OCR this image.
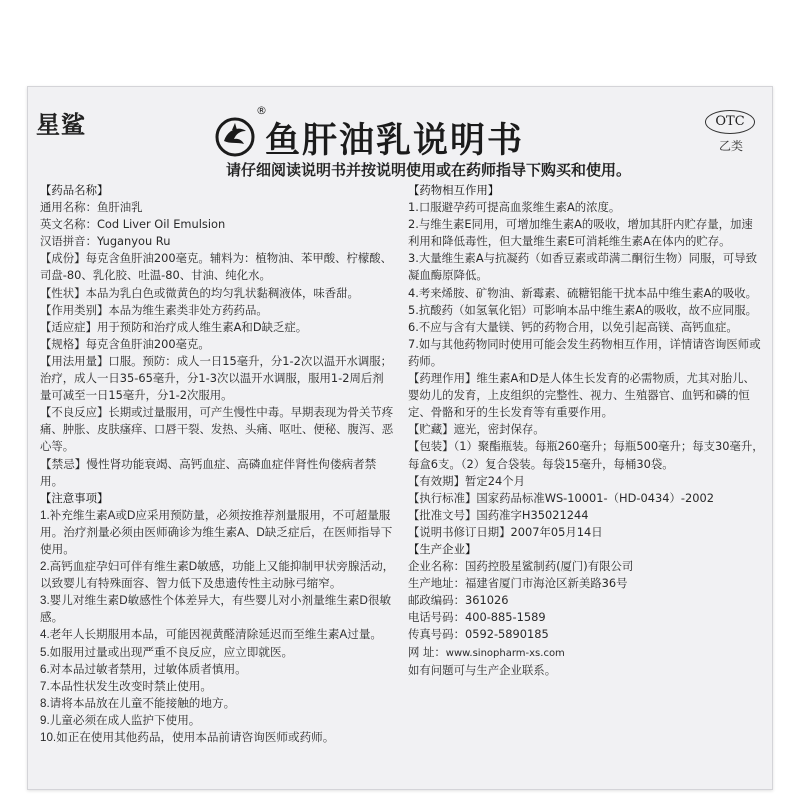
星鲨
®
鱼肝油乳说明书	OTC
乙类
请仔细阅读说明书并按说明使用或在药师指导下购买和使用。

【药品名称】

通用名称：鱼肝油乳

英文名称：Cod Liver Oil Emulsion

汉语拼音：Yuganyou Ru

【成份】每克含鱼肝油200毫克。辅料为：植物油、苯甲酸、柠檬酸、司盘-80、乳化胶、吐温-80、甘油、纯化水。

【性状】本品为乳白色或微黄色的均匀乳状黏稠液体，味香甜。

【作用类别】本品为维生素类非处方药药品。

【适应症】用于预防和治疗成人维生素A和D缺乏症。

【规格】每克含鱼肝油200毫克。

【用法用量】口服。预防：成人一日15毫升，分1-2次以温开水调服；治疗，成人一日35-65毫升，分1-3次以温开水调服，服用1-2周后剂量可减至一日15毫升，分1-2次服用。

【不良反应】长期或过量服用，可产生慢性中毒。早期表现为骨关节疼痛、肿胀、皮肤瘙痒、口唇干裂、发热、头痛、呕吐、便秘、腹泻、恶心等。

【禁忌】慢性肾功能衰竭、高钙血症、高磷血症伴肾性佝偻病者禁用。

【注意事项】

1.补充维生素A或D应采用预防量，必须按推荐剂量服用，不可超量服用。治疗剂量必须由医师确诊为维生素A、D缺乏症后，在医师指导下使用。

2.高钙血症孕妇可伴有维生素D敏感，功能上又能抑制甲状旁腺活动，以致婴儿有特殊面容、智力低下及患遗传性主动脉弓缩窄。

3.婴儿对维生素D敏感性个体差异大，有些婴儿对小剂量维生素D很敏感。

4.老年人长期服用本品，可能因视黄醛清除延迟而至维生素A过量。

5.如服用过量或出现严重不良反应，应立即就医。

6.对本品过敏者禁用，过敏体质者慎用。

7.本品性状发生改变时禁止使用。

8.请将本品放在儿童不能接触的地方。

9.儿童必须在成人监护下使用。

10.如正在使用其他药品，使用本品前请咨询医师或药师。

【药物相互作用】

1.口服避孕药可提高血浆维生素A的浓度。

2.与维生素E同用，可增加维生素A的吸收，增加其肝内贮存量，加速利用和降低毒性，但大量维生素E可消耗维生素A在体内的贮存。

3.大量维生素A与抗凝药（如香豆素或茚满二酮衍生物）同服，可导致凝血酶原降低。

4.考来烯胺、矿物油、新霉素、硫糖铝能干扰本品中维生素A的吸收。

5.抗酸药（如氢氧化铝）可影响本品中维生素A的吸收，故不应同服。

6.不应与含有大量镁、钙的药物合用，以免引起高镁、高钙血症。

7.如与其他药物同时使用可能会发生药物相互作用，详情请咨询医师或药师。

【药理作用】维生素A和D是人体生长发育的必需物质，尤其对胎儿、婴幼儿的发育，上皮组织的完整性、视力、生殖器官、血钙和磷的恒定、骨骼和牙的生长发育等有重要作用。

【贮藏】遮光，密封保存。

【包装】（1）聚酯瓶装。每瓶260毫升；每瓶500毫升；每支30毫升，每盒6支。（2）复合袋装。每袋15毫升，每桶30袋。

【有效期】暂定24个月

【执行标准】国家药品标准WS-10001-（HD-0434）-2002

【批准文号】国药准字H35021244

【说明书修订日期】2007年05月14日

【生产企业】

企业名称：国药控股星鲨制药(厦门)有限公司

生产地址：福建省厦门市海沧区新美路36号

邮政编码：361026

电话号码：400-885-1589

传真号码：0592-5890185

网 址：www.sinopharm-xs.com

如有问题可与生产企业联系。
